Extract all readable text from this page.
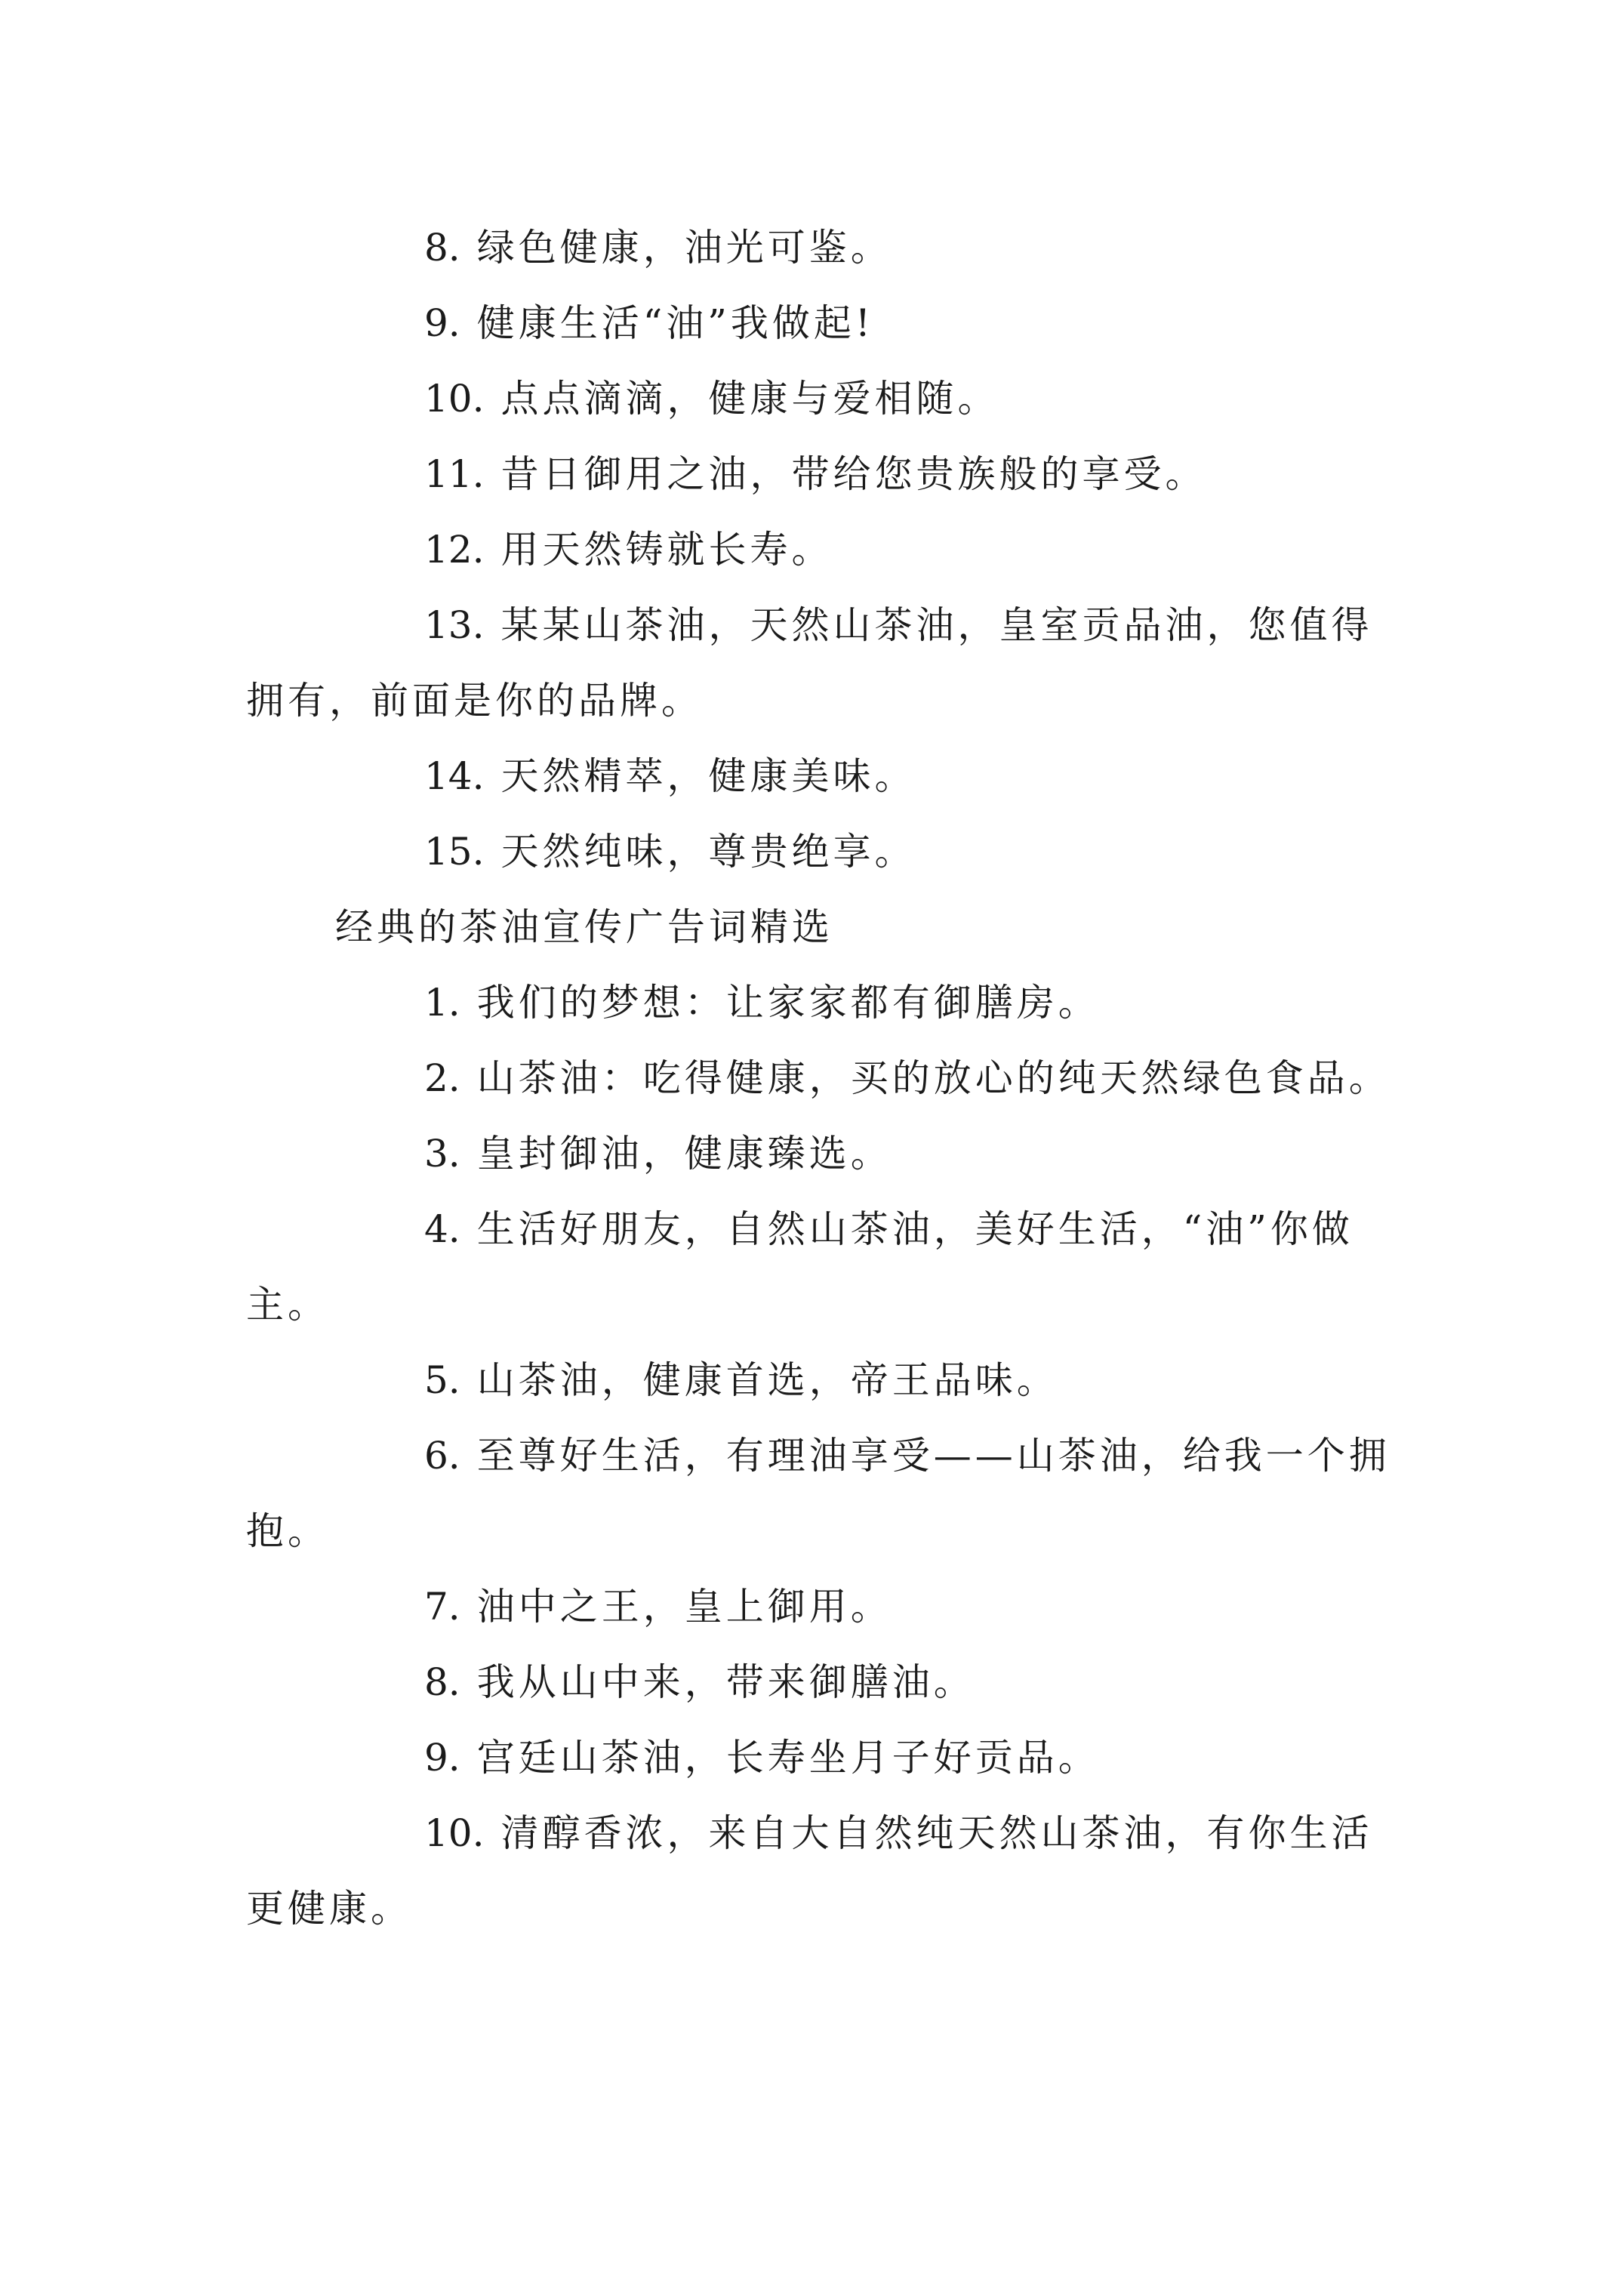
8. 绿色健康，油光可鉴。

9. 健康生活“油”我做起!

10. 点点滴滴，健康与爱相随。

11. 昔日御用之油，带给您贵族般的享受。

12. 用天然铸就长寿。

13. 某某山茶油，天然山茶油，皇室贡品油，您值得拥有，前面是你的品牌。

14. 天然精萃，健康美味。

15. 天然纯味，尊贵绝享。

经典的茶油宣传广告词精选

1. 我们的梦想：让家家都有御膳房。

2. 山茶油：吃得健康，买的放心的纯天然绿色食品。

3. 皇封御油，健康臻选。

4. 生活好朋友，自然山茶油，美好生活，“油”你做主。

5. 山茶油，健康首选，帝王品味。

6. 至尊好生活，有理油享受——山茶油，给我一个拥抱。

7. 油中之王，皇上御用。

8. 我从山中来，带来御膳油。

9. 宫廷山茶油，长寿坐月子好贡品。

10. 清醇香浓，来自大自然纯天然山茶油，有你生活更健康。
